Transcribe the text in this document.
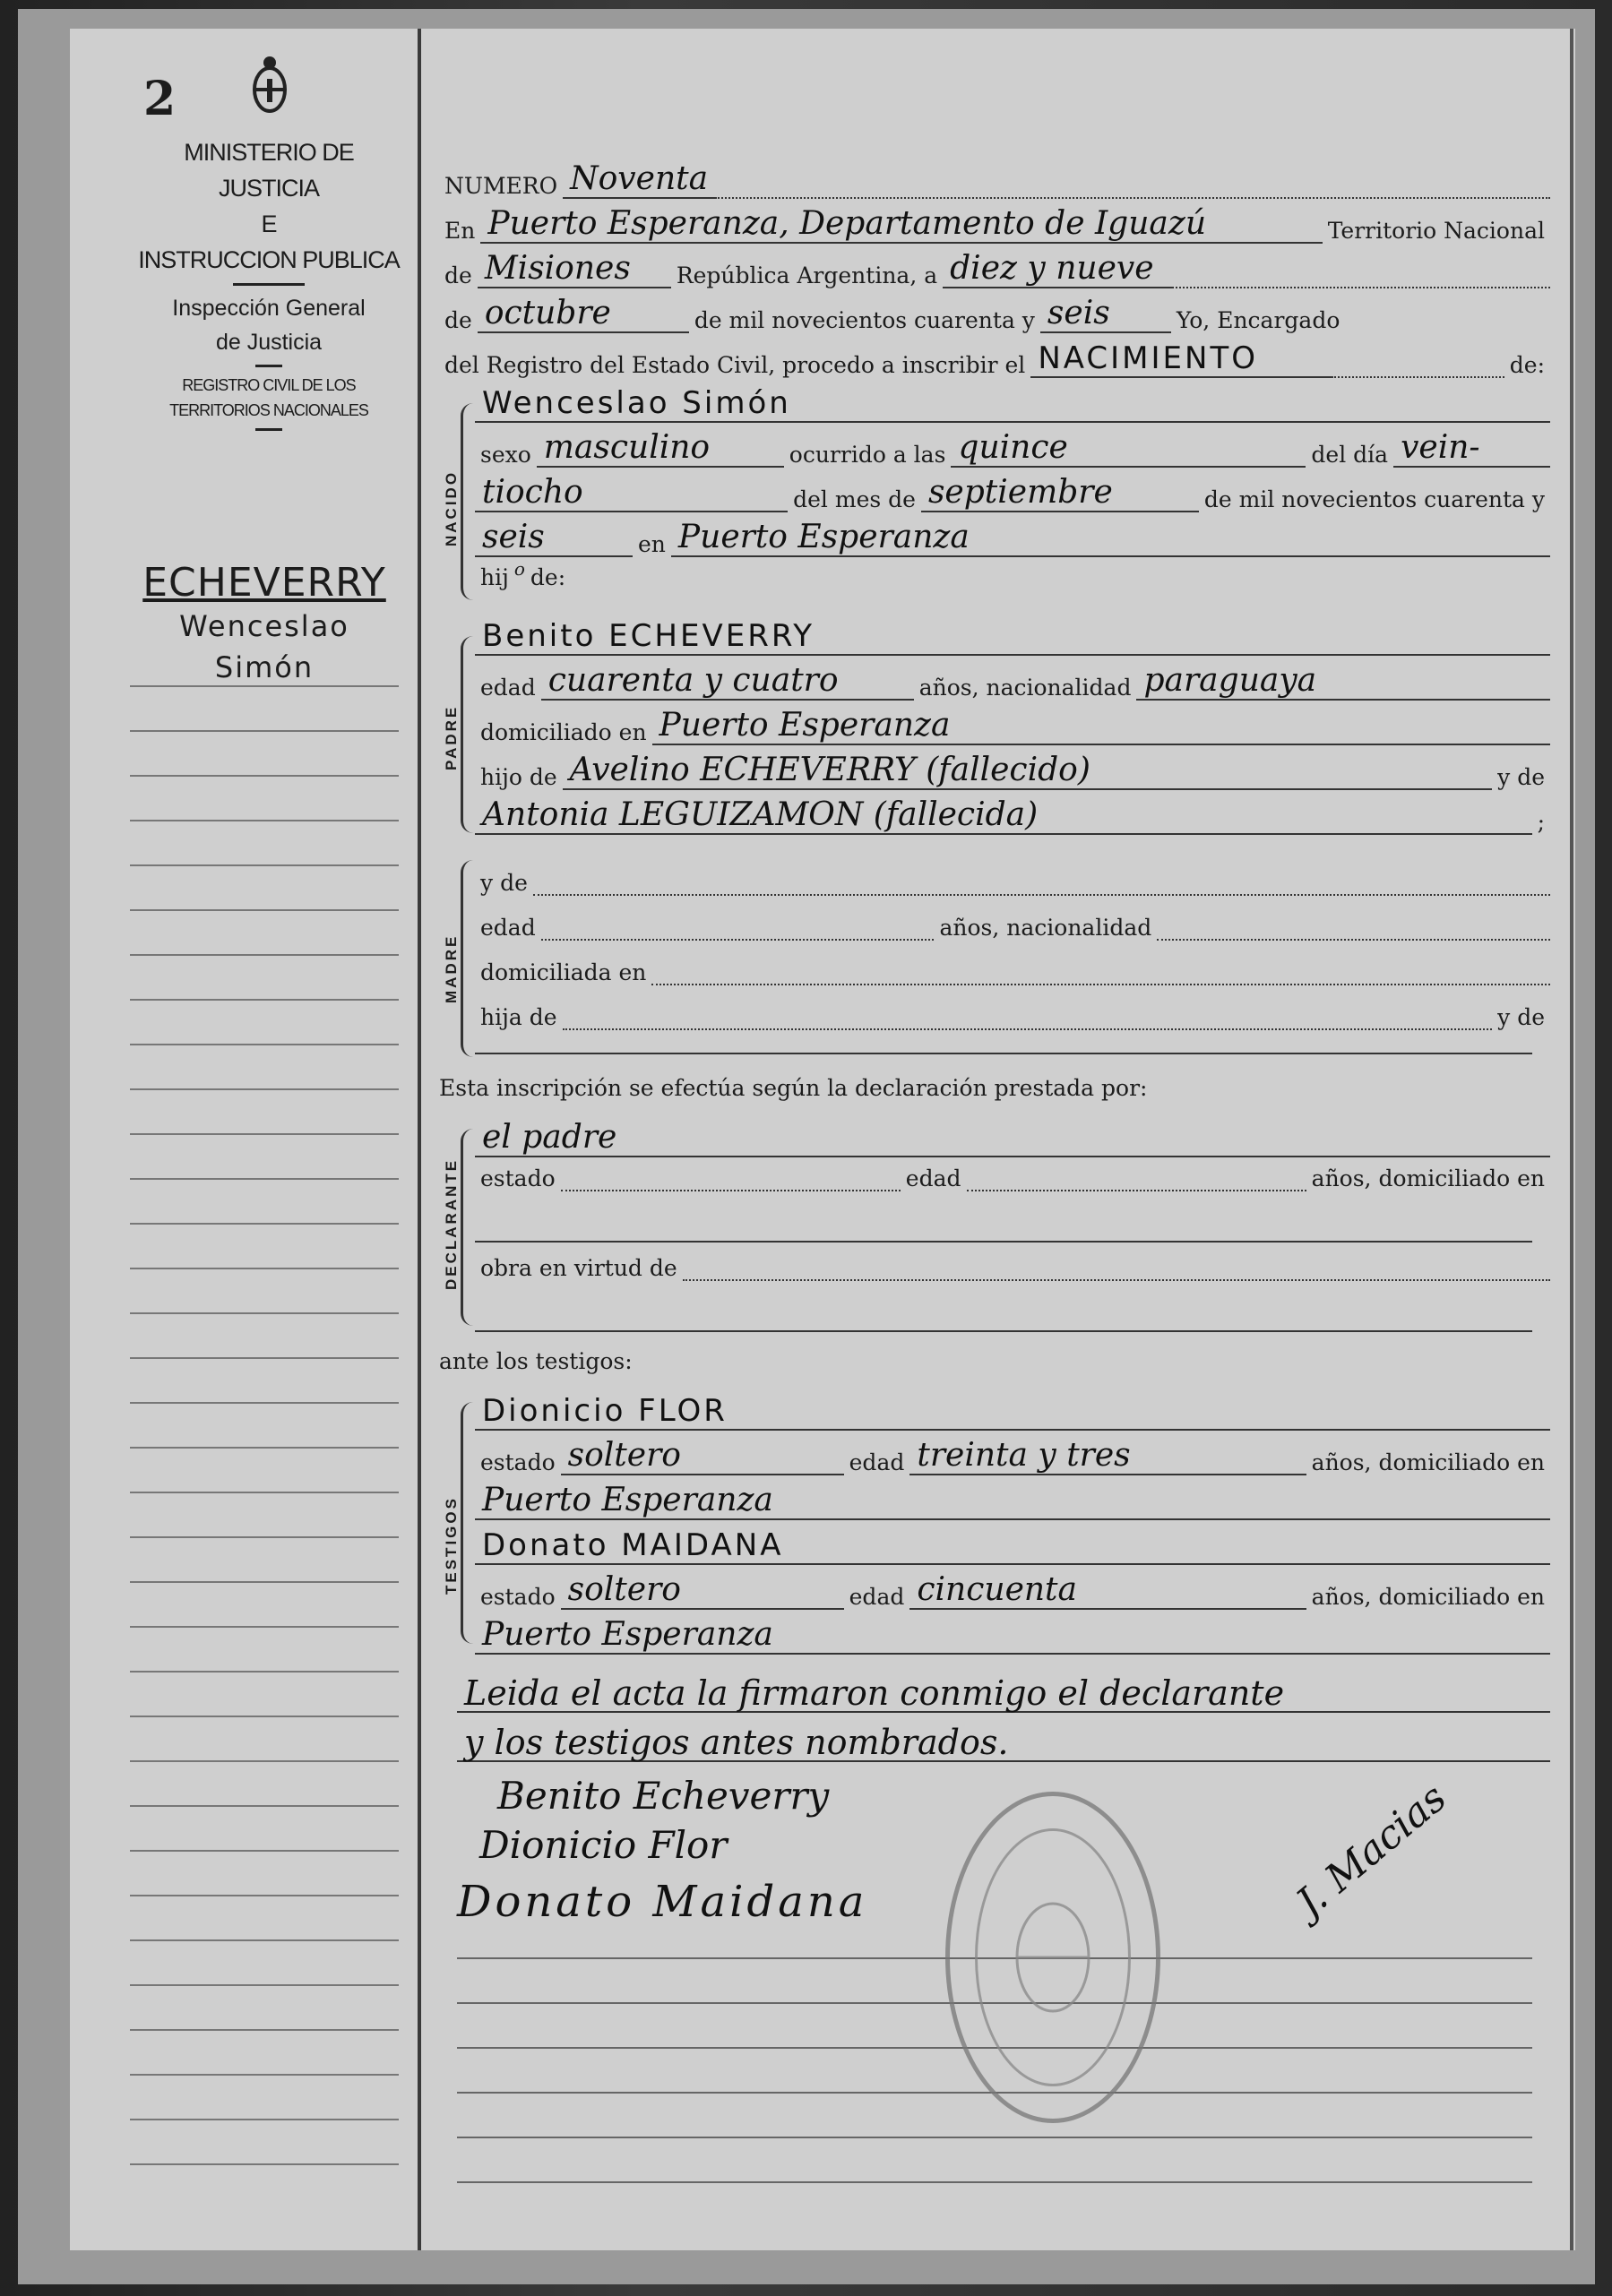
2
MINISTERIO DE JUSTICIA
E
INSTRUCCION PUBLICA
Inspección General
de Justicia
REGISTRO CIVIL DE LOS
TERRITORIOS NACIONALES
ECHEVERRY
Wenceslao
Simón
NUMERO Noventa
En Puerto Esperanza, Departamento de Iguazú	Territorio Nacional
de Misiones	República Argentina, a diez y nueve
de octubre	de mil novecientos cuarenta y seis	Yo, Encargado
del Registro del Estado Civil, procedo a inscribir el NACIMIENTO	de:
NACIDO
Wenceslao Simón
sexo masculino	ocurrido a las quince	del día vein-
tiocho	del mes de septiembre	de mil novecientos cuarenta y
seis	en Puerto Esperanza
hij o de:
PADRE
Benito ECHEVERRY
edad cuarenta y cuatro	años, nacionalidad paraguaya
domiciliado en Puerto Esperanza
hijo de Avelino ECHEVERRY (fallecido)	y de
Antonia LEGUIZAMON (fallecida)	;
MADRE
y de
edad	años, nacionalidad
domiciliada en
hija de	y de
Esta inscripción se efectúa según la declaración prestada por:
DECLARANTE
el padre
estado	edad	años, domiciliado en
obra en virtud de
ante los testigos:
TESTIGOS
Dionicio FLOR
estado soltero	edad treinta y tres	años, domiciliado en
Puerto Esperanza
Donato MAIDANA
estado soltero	edad cincuenta	años, domiciliado en
Puerto Esperanza
Leida el acta la firmaron conmigo el declarante
y los testigos antes nombrados.
Benito Echeverry
Dionicio Flor
Donato Maidana	J. Macias
